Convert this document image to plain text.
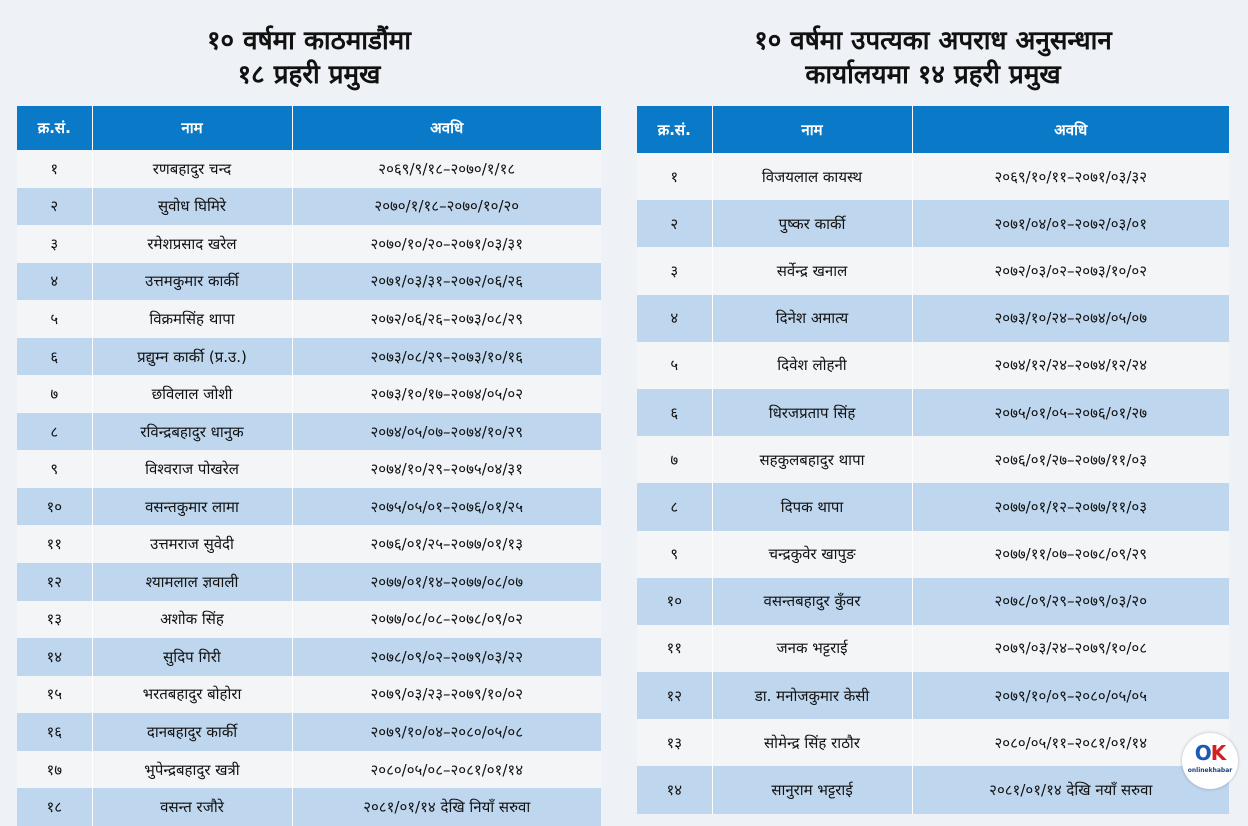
१० वर्षमा काठमाडौंमा
१८ प्रहरी प्रमुख
क्र.सं.	नाम	अवधि
१	रणबहादुर चन्द	२०६९/९/१८–२०७०/१/१८
२	सुवोध घिमिरे	२०७०/१/१८–२०७०/१०/२०
३	रमेशप्रसाद खरेल	२०७०/१०/२०–२०७१/०३/३१
४	उत्तमकुमार कार्की	२०७१/०३/३१–२०७२/०६/२६
५	विक्रमसिंह थापा	२०७२/०६/२६–२०७३/०८/२९
६	प्रद्युम्न कार्की (प्र.उ.)	२०७३/०८/२९–२०७३/१०/१६
७	छविलाल जोशी	२०७३/१०/१७–२०७४/०५/०२
८	रविन्द्रबहादुर धानुक	२०७४/०५/०७–२०७४/१०/२९
९	विश्वराज पोखरेल	२०७४/१०/२९–२०७५/०४/३१
१०	वसन्तकुमार लामा	२०७५/०५/०१–२०७६/०१/२५
११	उत्तमराज सुवेदी	२०७६/०१/२५–२०७७/०१/१३
१२	श्यामलाल ज्ञवाली	२०७७/०१/१४–२०७७/०८/०७
१३	अशोक सिंह	२०७७/०८/०८–२०७८/०९/०२
१४	सुदिप गिरी	२०७८/०९/०२–२०७९/०३/२२
१५	भरतबहादुर बोहोरा	२०७९/०३/२३–२०७९/१०/०२
१६	दानबहादुर कार्की	२०७९/१०/०४–२०८०/०५/०८
१७	भुपेन्द्रबहादुर खत्री	२०८०/०५/०८–२०८१/०१/१४
१८	वसन्त रजौरे	२०८१/०१/१४ देखि नियाँ सरुवा
१० वर्षमा उपत्यका अपराध अनुसन्धान
कार्यालयमा १४ प्रहरी प्रमुख
क्र.सं.	नाम	अवधि
१	विजयलाल कायस्थ	२०६९/१०/११–२०७१/०३/३२
२	पुष्कर कार्की	२०७१/०४/०१–२०७२/०३/०१
३	सर्वेन्द्र खनाल	२०७२/०३/०२–२०७३/१०/०२
४	दिनेश अमात्य	२०७३/१०/२४–२०७४/०५/०७
५	दिवेश लोहनी	२०७४/१२/२४–२०७४/१२/२४
६	धिरजप्रताप सिंह	२०७५/०१/०५–२०७६/०१/२७
७	सहकुलबहादुर थापा	२०७६/०१/२७–२०७७/११/०३
८	दिपक थापा	२०७७/०१/१२–२०७७/११/०३
९	चन्द्रकुवेर खापुङ	२०७७/११/०७–२०७८/०९/२९
१०	वसन्तबहादुर कुँवर	२०७८/०९/२९–२०७९/०३/२०
११	जनक भट्टराई	२०७९/०३/२४–२०७९/१०/०८
१२	डा. मनोजकुमार केसी	२०७९/१०/०९–२०८०/०५/०५
१३	सोमेन्द्र सिंह राठौर	२०८०/०५/११–२०८१/०१/१४
१४	सानुराम भट्टराई	२०८१/०१/१४ देखि नयाँ सरुवा
OK
onlinekhabar
